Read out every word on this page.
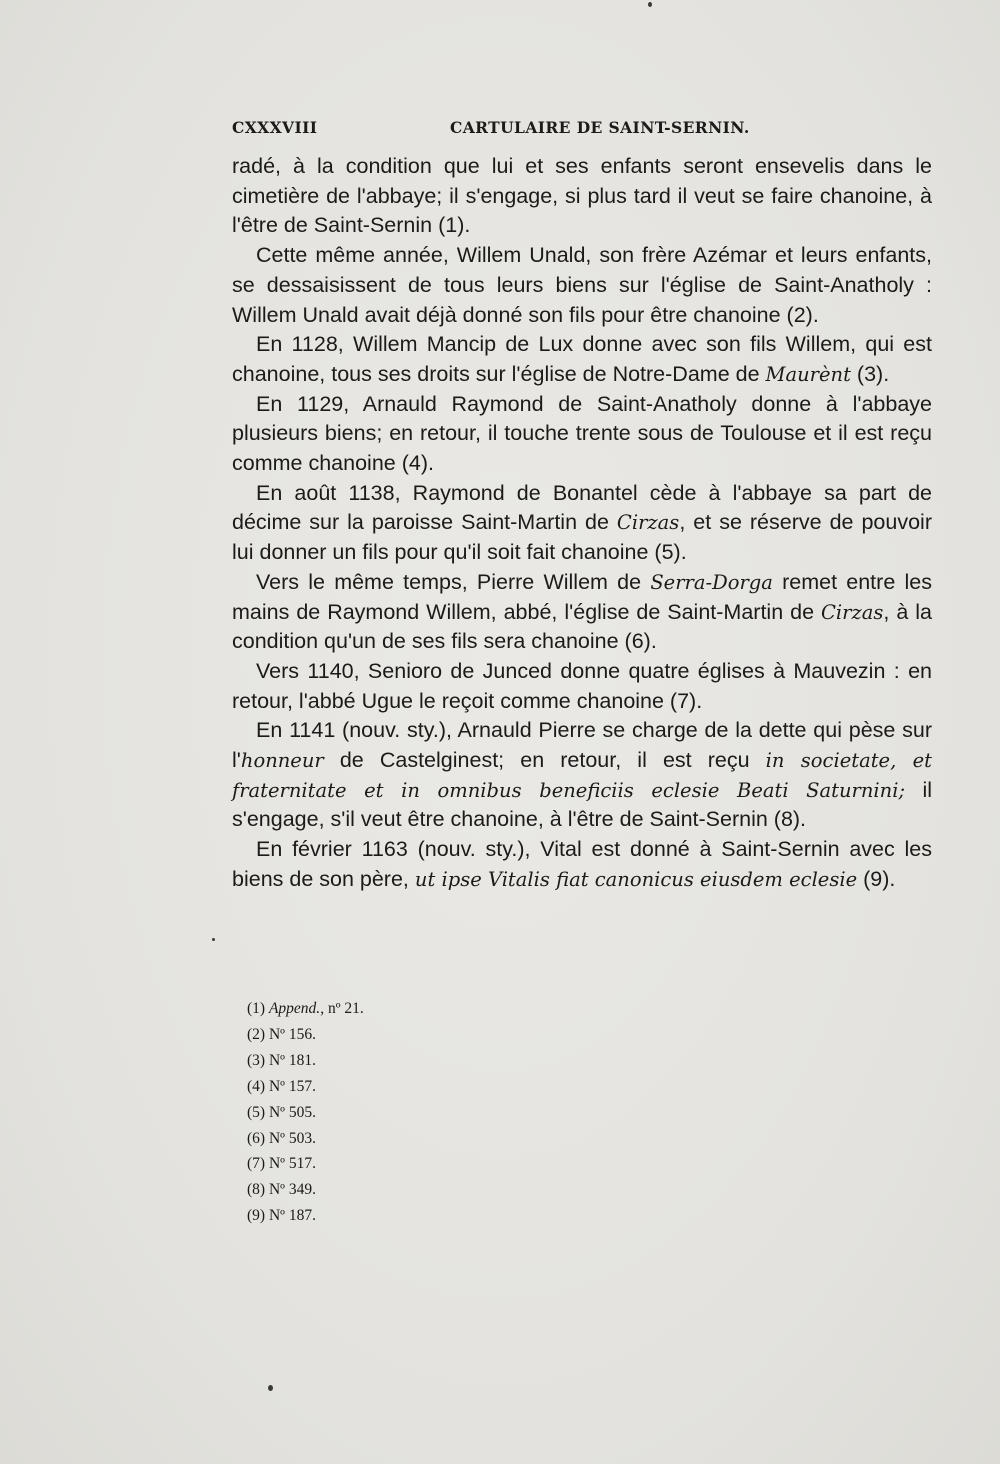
CXXXVIII	CARTULAIRE DE SAINT-SERNIN.

radé, à la condition que lui et ses enfants seront ensevelis dans le cimetière de l'abbaye; il s'engage, si plus tard il veut se faire chanoine, à l'être de Saint-Sernin (1).

Cette même année, Willem Unald, son frère Azémar et leurs enfants, se dessaisissent de tous leurs biens sur l'église de Saint-Anatholy : Willem Unald avait déjà donné son fils pour être chanoine (2).

En 1128, Willem Mancip de Lux donne avec son fils Willem, qui est chanoine, tous ses droits sur l'église de Notre-Dame de Maurènt (3).

En 1129, Arnauld Raymond de Saint-Anatholy donne à l'abbaye plusieurs biens; en retour, il touche trente sous de Toulouse et il est reçu comme chanoine (4).

En août 1138, Raymond de Bonantel cède à l'abbaye sa part de décime sur la paroisse Saint-Martin de Cirzas, et se réserve de pouvoir lui donner un fils pour qu'il soit fait chanoine (5).

Vers le même temps, Pierre Willem de Serra-Dorga remet entre les mains de Raymond Willem, abbé, l'église de Saint-Martin de Cirzas, à la condition qu'un de ses fils sera chanoine (6).

Vers 1140, Senioro de Junced donne quatre églises à Mauvezin : en retour, l'abbé Ugue le reçoit comme chanoine (7).

En 1141 (nouv. sty.), Arnauld Pierre se charge de la dette qui pèse sur l'honneur de Castelginest; en retour, il est reçu in societate, et fraternitate et in omnibus beneficiis eclesie Beati Saturnini; il s'engage, s'il veut être chanoine, à l'être de Saint-Sernin (8).

En février 1163 (nouv. sty.), Vital est donné à Saint-Sernin avec les biens de son père, ut ipse Vitalis fiat canonicus eiusdem eclesie (9).

(1) Append., nº 21.
(2) Nº 156.
(3) Nº 181.
(4) Nº 157.
(5) Nº 505.
(6) Nº 503.
(7) Nº 517.
(8) Nº 349.
(9) Nº 187.
